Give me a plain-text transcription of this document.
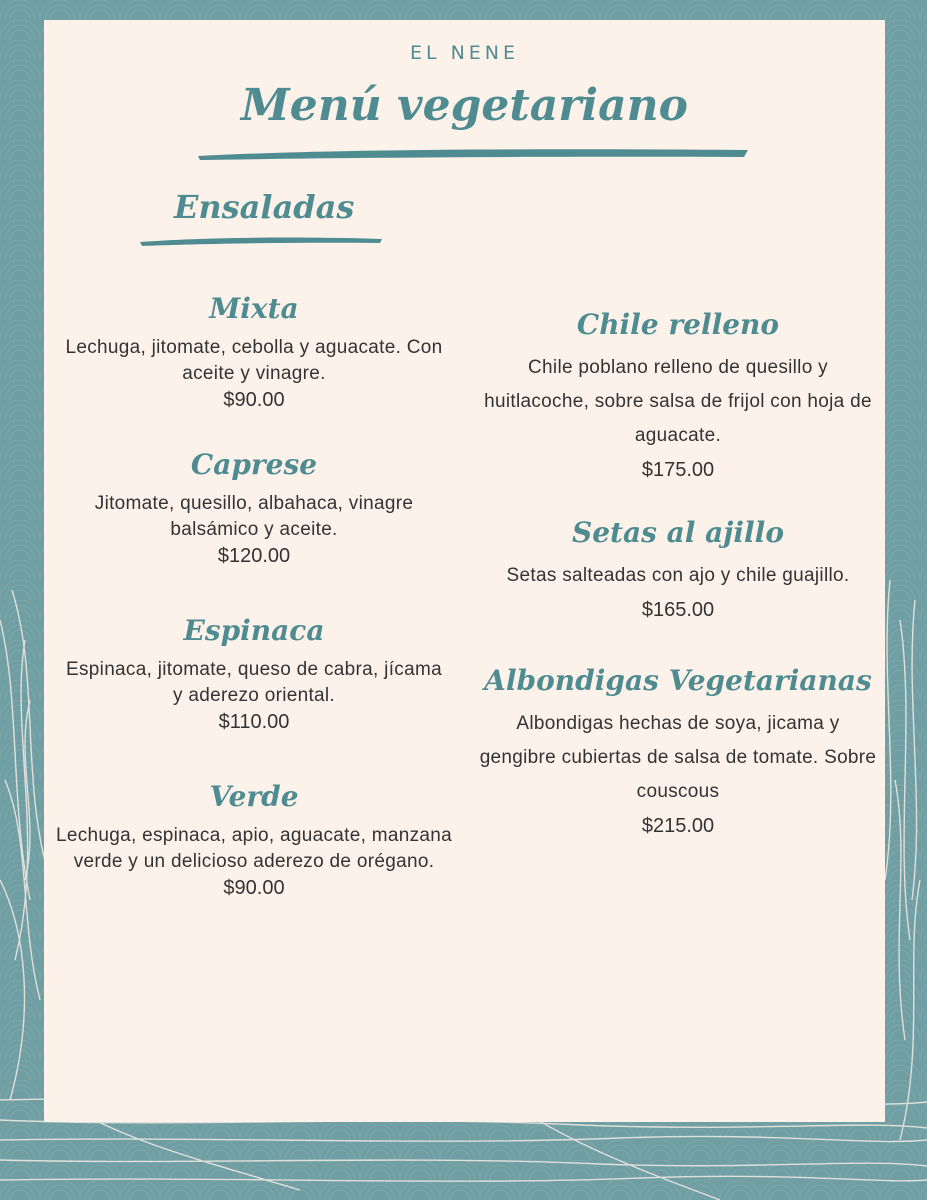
EL NENE
Menú vegetariano
Ensaladas
Mixta
Lechuga, jitomate, cebolla y aguacate. Con aceite y vinagre.
$90.00
Caprese
Jitomate, quesillo, albahaca, vinagre balsámico y aceite.
$120.00
Espinaca
Espinaca, jitomate, queso de cabra, jícama y aderezo oriental.
$110.00
Verde
Lechuga, espinaca, apio, aguacate, manzana verde y un delicioso aderezo de orégano.
$90.00
Chile relleno
Chile poblano relleno de quesillo y huitlacoche, sobre salsa de frijol con hoja de aguacate.
$175.00
Setas al ajillo
Setas salteadas con ajo y chile guajillo.
$165.00
Albondigas Vegetarianas
Albondigas hechas de soya, jicama y gengibre cubiertas de salsa de tomate. Sobre couscous
$215.00
